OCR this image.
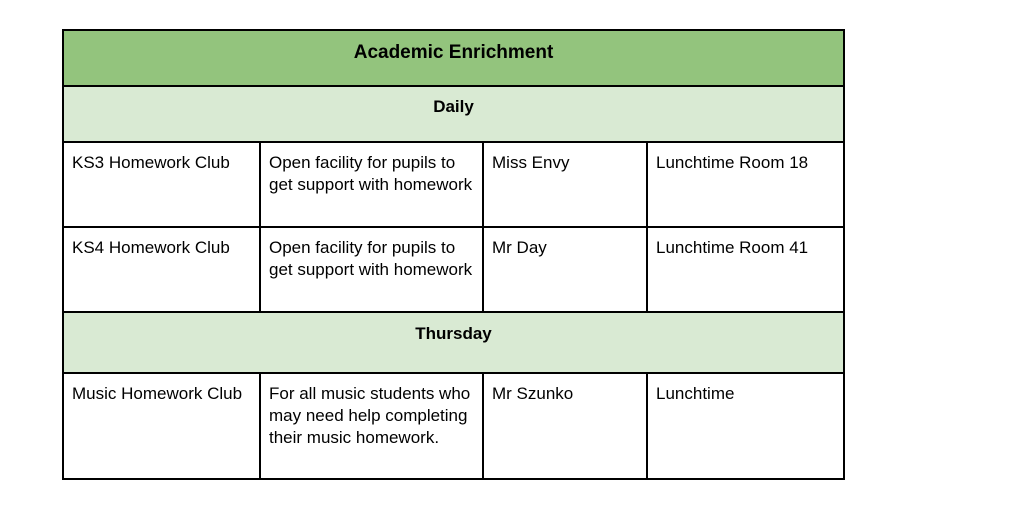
Academic Enrichment			
Daily			
KS3 Homework Club	Open facility for pupils to get support with homework	Miss Envy	Lunchtime Room 18
KS4 Homework Club	Open facility for pupils to get support with homework	Mr Day	Lunchtime Room 41
Thursday			
Music Homework Club	For all music students who may need help completing their music homework.	Mr Szunko	Lunchtime
